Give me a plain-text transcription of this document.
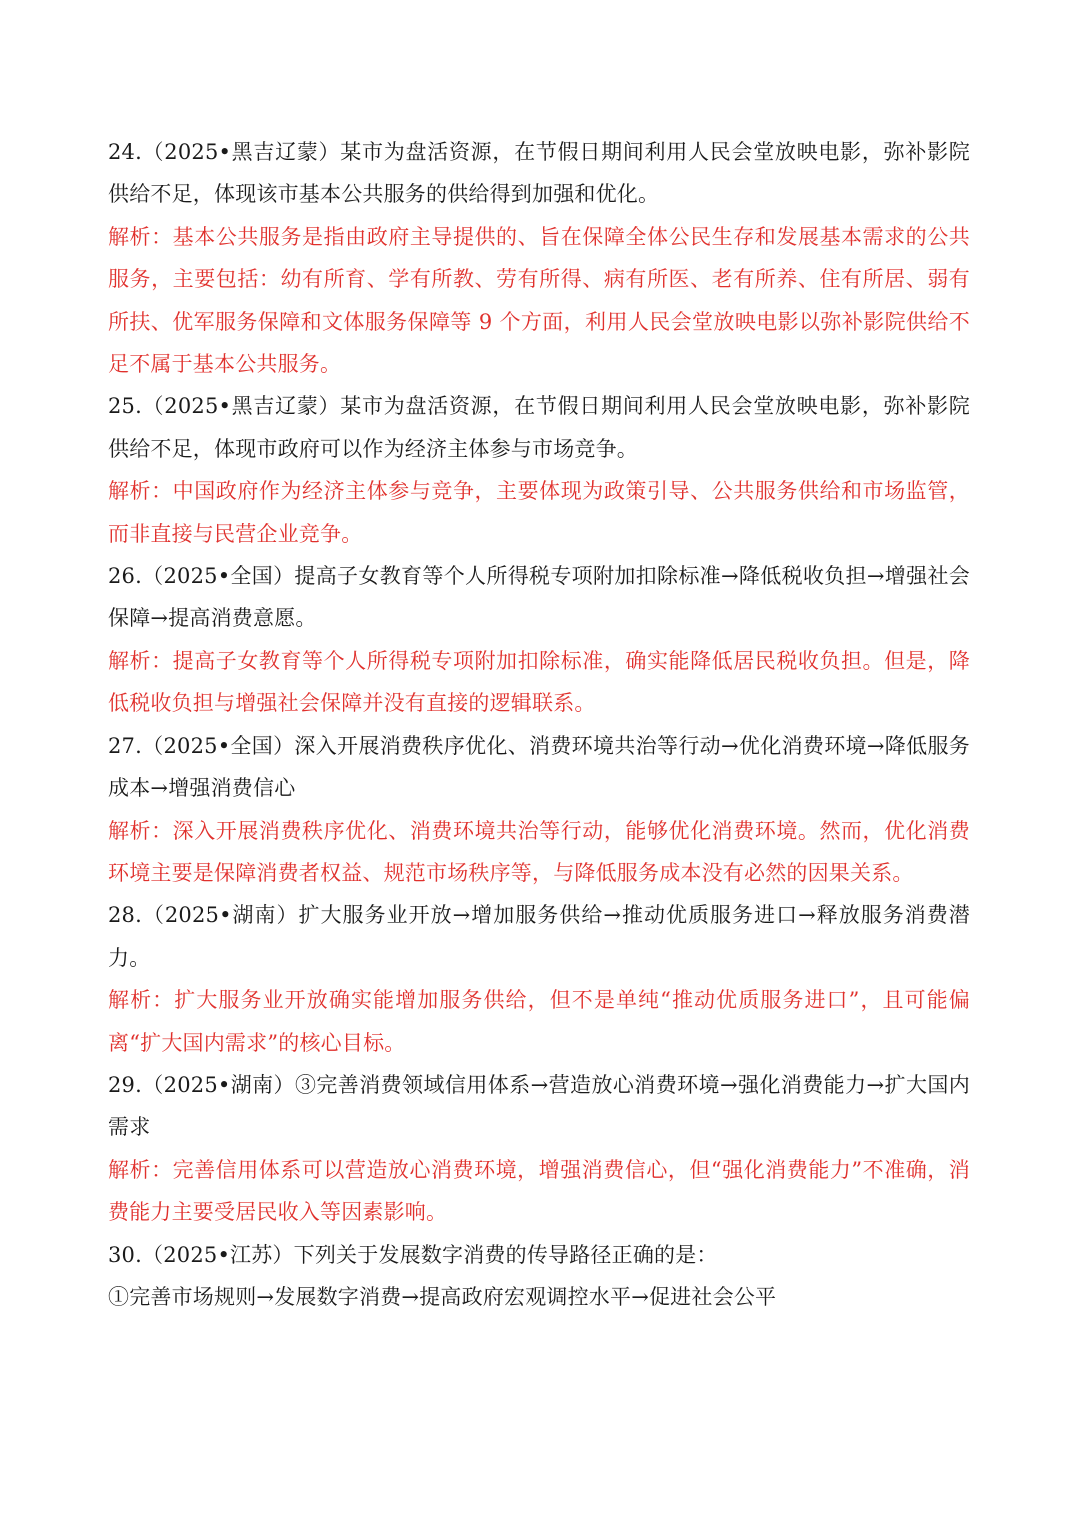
24.（2025•黑吉辽蒙）某市为盘活资源，在节假日期间利用人民会堂放映电影，弥补影院供给不足，体现该市基本公共服务的供给得到加强和优化。

解析：基本公共服务是指由政府主导提供的、旨在保障全体公民生存和发展基本需求的公共服务，主要包括：幼有所育、学有所教、劳有所得、病有所医、老有所养、住有所居、弱有所扶、优军服务保障和文体服务保障等 9 个方面，利用人民会堂放映电影以弥补影院供给不足不属于基本公共服务。

25.（2025•黑吉辽蒙）某市为盘活资源，在节假日期间利用人民会堂放映电影，弥补影院供给不足，体现市政府可以作为经济主体参与市场竞争。

解析：中国政府作为经济主体参与竞争，主要体现为政策引导、公共服务供给和市场监管，而非直接与民营企业竞争。

26.（2025•全国）提高子女教育等个人所得税专项附加扣除标准→降低税收负担→增强社会保障→提高消费意愿。

解析：提高子女教育等个人所得税专项附加扣除标准，确实能降低居民税收负担。但是，降低税收负担与增强社会保障并没有直接的逻辑联系。

27.（2025•全国）深入开展消费秩序优化、消费环境共治等行动→优化消费环境→降低服务成本→增强消费信心

解析：深入开展消费秩序优化、消费环境共治等行动，能够优化消费环境。然而，优化消费环境主要是保障消费者权益、规范市场秩序等，与降低服务成本没有必然的因果关系。

28.（2025•湖南）扩大服务业开放→增加服务供给→推动优质服务进口→释放服务消费潜力。

解析：扩大服务业开放确实能增加服务供给，但不是单纯“推动优质服务进口”，且可能偏离“扩大国内需求”的核心目标。

29.（2025•湖南）③完善消费领域信用体系→营造放心消费环境→强化消费能力→扩大国内需求

解析：完善信用体系可以营造放心消费环境，增强消费信心，但“强化消费能力”不准确，消费能力主要受居民收入等因素影响。

30.（2025•江苏）下列关于发展数字消费的传导路径正确的是：

①完善市场规则→发展数字消费→提高政府宏观调控水平→促进社会公平
